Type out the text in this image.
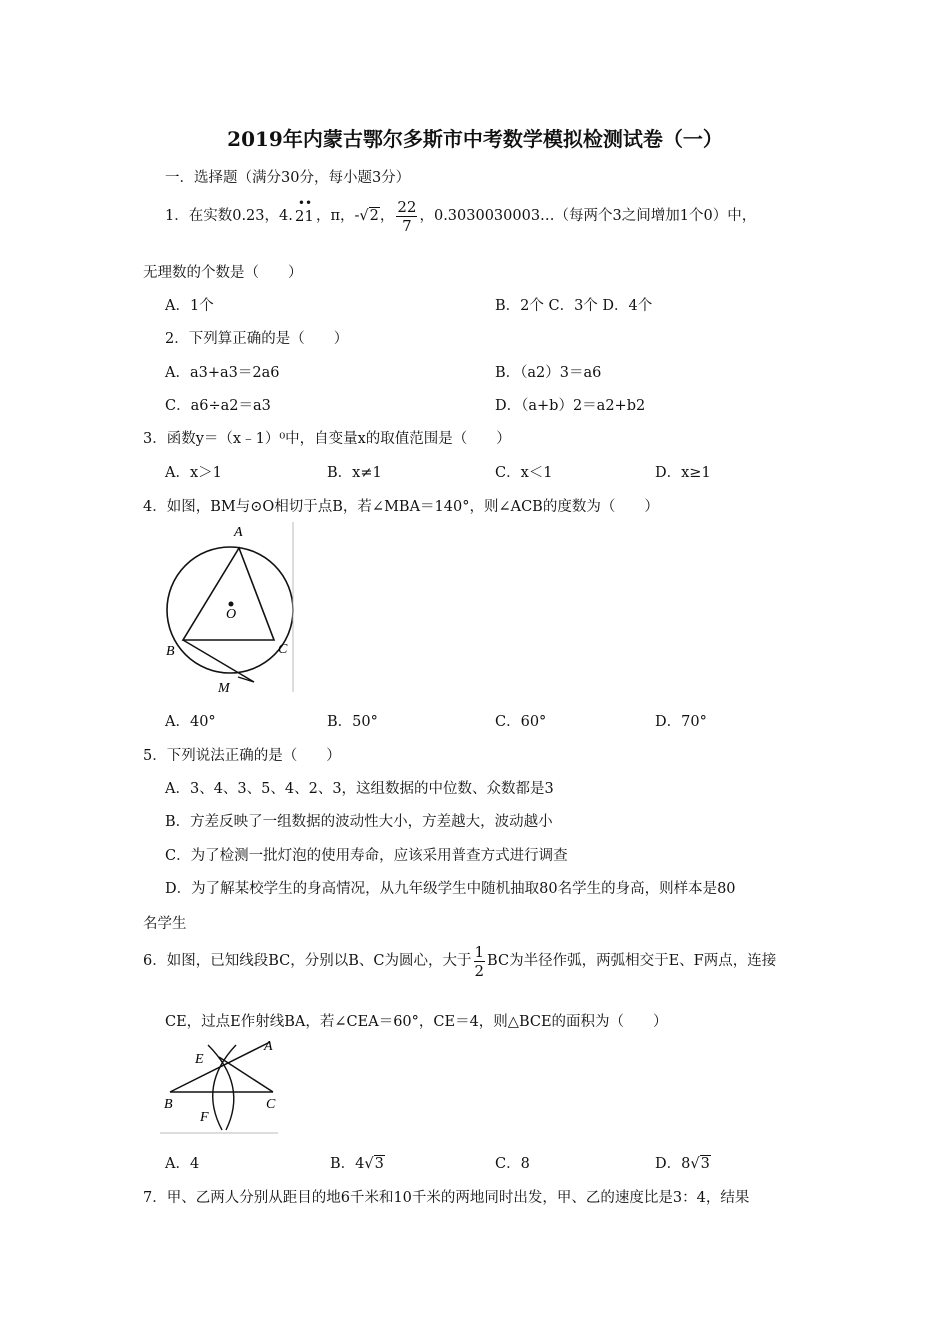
2019年内蒙古鄂尔多斯市中考数学模拟检测试卷（一）
一．选择题（满分30分，每小题3分）
1．在实数0.23，4.
••
21 ，π，-√2， $\frac{22}{7}$ ，0.3030030003…（每两个3之间增加1个0）中，
无理数的个数是（　　）
A．1个	B．2个 C．3个 D．4个
2．下列算正确的是（　　）
A．a3+a3＝2a6	B．（a2）3＝a6
C．a6÷a2＝a3	D．（a+b）2＝a2+b2
3．函数y＝（x﹣1）⁰中，自变量x的取值范围是（　　）
A．x＞1	B．x≠1	C．x＜1	D．x≥1
4．如图，BM与⊙O相切于点B，若∠MBA＝140°，则∠ACB的度数为（　　）
A
B	C
O
M
A．40°	B．50°	C．60°	D．70°
5．下列说法正确的是（　　）
A．3、4、3、5、4、2、3，这组数据的中位数、众数都是3
B．方差反映了一组数据的波动性大小，方差越大，波动越小
C．为了检测一批灯泡的使用寿命，应该采用普查方式进行调查
D．为了解某校学生的身高情况，从九年级学生中随机抽取80名学生的身高，则样本是80
名学生
6．如图，已知线段BC，分别以B、C为圆心，大于 $\frac{1}{2}$ BC为半径作弧，两弧相交于E、F两点，连接
CE，过点E作射线BA，若∠CEA＝60°，CE＝4，则△BCE的面积为（　　）
E
A
B	C
F
A．4	B．4√3	C．8	D．8√3
7．甲、乙两人分别从距目的地6千米和10千米的两地同时出发，甲、乙的速度比是3：4，结果
